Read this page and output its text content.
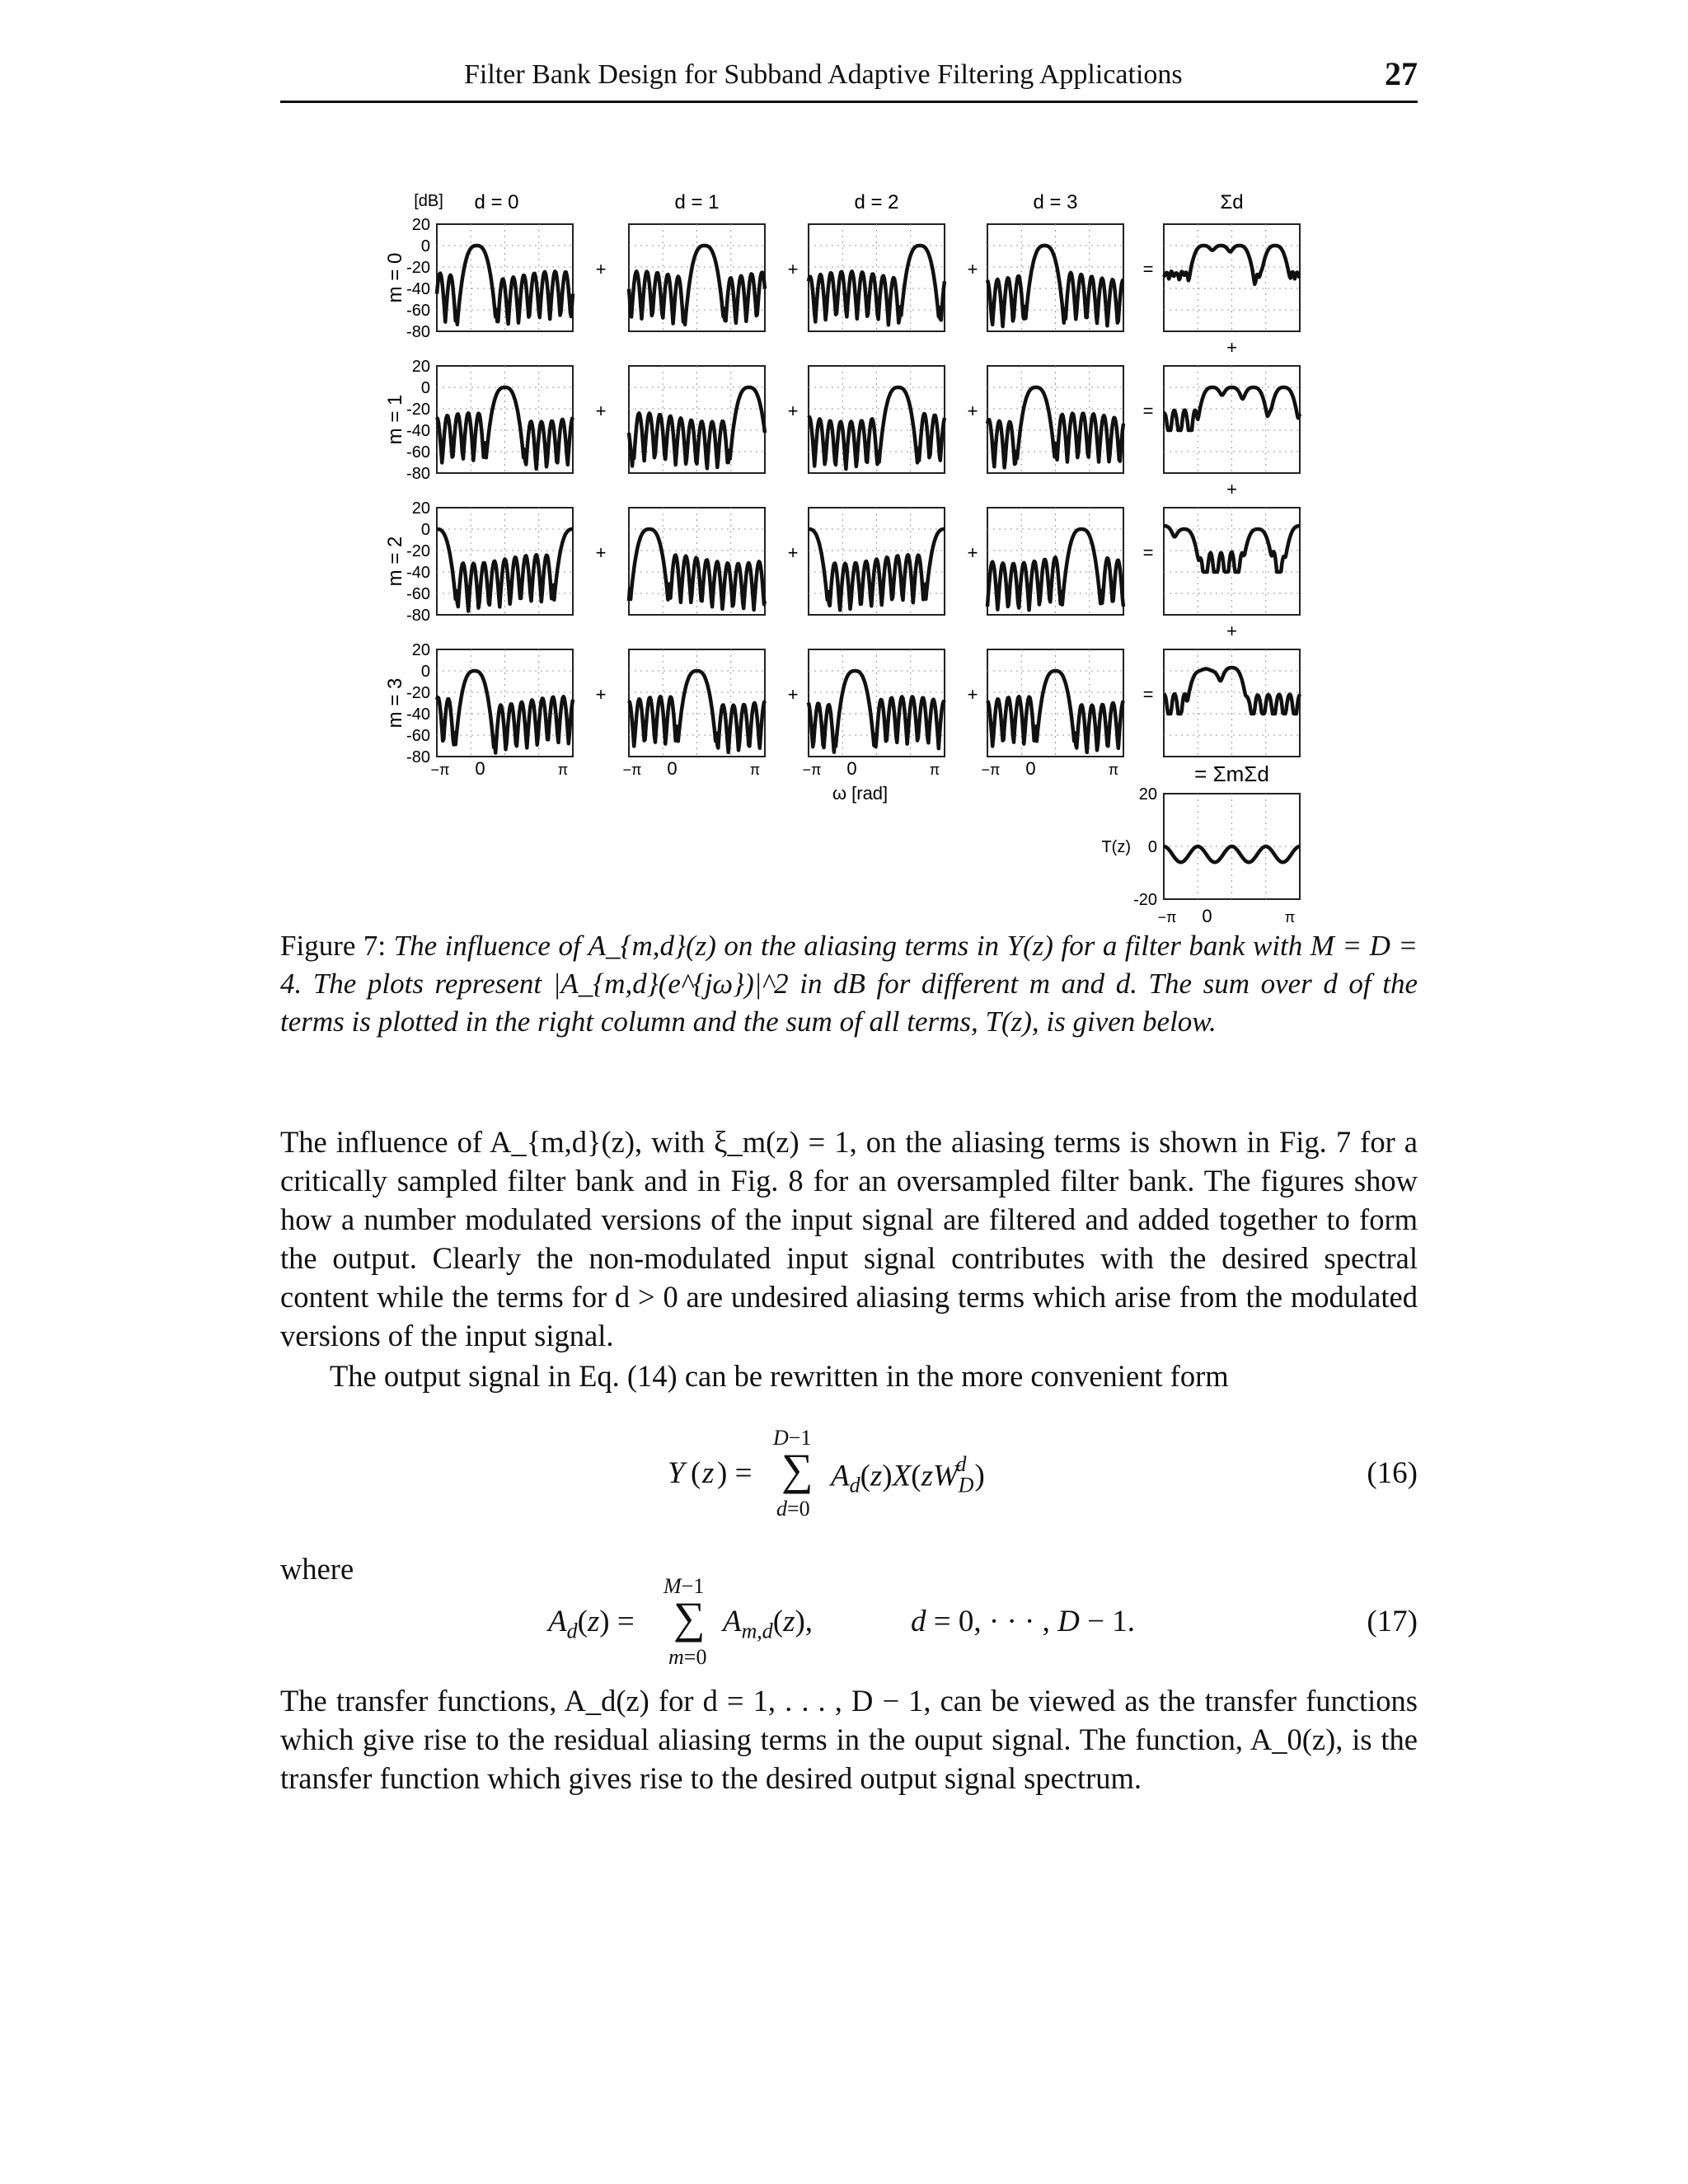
Filter Bank Design for Subband Adaptive Filtering Applications	27
d = 0	d = 1	d = 2	d = 3	Σd
[dB]
m = 0
20
0
-20
-40
-60
-80
+	+	+	=
+
m = 1
20
0
-20
-40
-60
-80
+	+	+	=
+
m = 2
20
0
-20
-40
-60
-80
+	+	+	=
+
m = 3
20
0
-20
-40
-60
-80
+	+	+	=
−π 0	π	−π 0	π	−π 0	π	−π 0	π
ω [rad]
= ΣmΣd
20
0
-20
T(z)
−π 0	π
Figure 7: The influence of A_{m,d}(z) on the aliasing terms in Y(z) for a filter bank with M = D = 4. The plots represent |A_{m,d}(e^{jω})|^2 in dB for different m and d. The sum over d of the terms is plotted in the right column and the sum of all terms, T(z), is given below.
The influence of A_{m,d}(z), with ξ_m(z) = 1, on the aliasing terms is shown in Fig. 7 for a critically sampled filter bank and in Fig. 8 for an oversampled filter bank. The figures show how a number modulated versions of the input signal are filtered and added together to form the output. Clearly the non-modulated input signal contributes with the desired spectral content while the terms for d > 0 are undesired aliasing terms which arise from the modulated versions of the input signal.
The output signal in Eq. (14) can be rewritten in the more convenient form
Y ( z ) =
D−1
∑
d=0
$A_d(z)X(zW_D^d$ )	(16)
where
$A_d(z)$ =
M−1
∑
m=0
$A_{m,d}(z)$,	d = 0, · · · , D − 1.	(17)
The transfer functions, A_d(z) for d = 1, . . . , D − 1, can be viewed as the transfer functions which give rise to the residual aliasing terms in the ouput signal. The function, A_0(z), is the transfer function which gives rise to the desired output signal spectrum.
